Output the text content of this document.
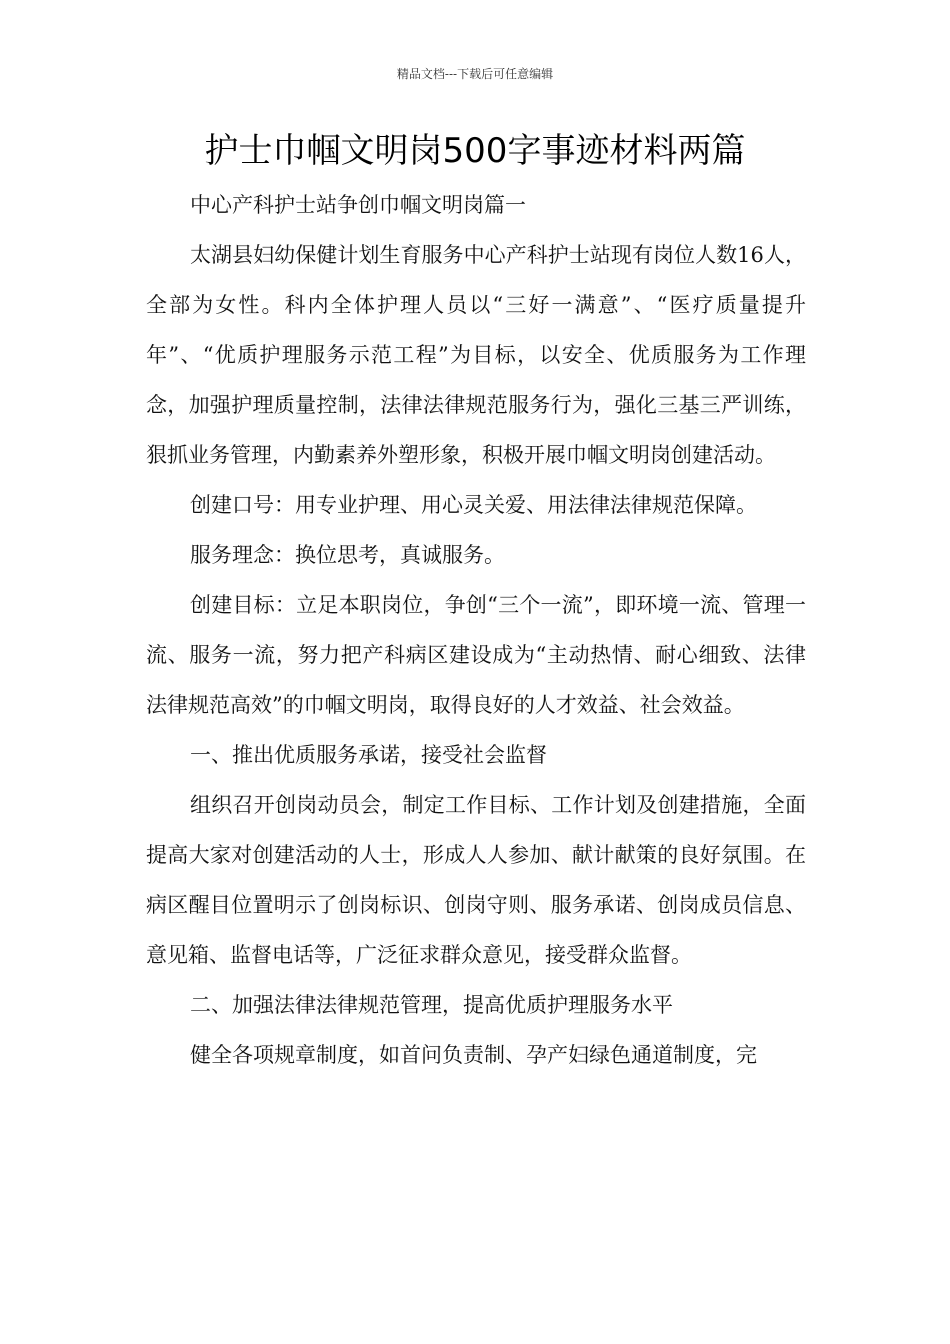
精品文档---下载后可任意编辑
护士巾帼文明岗500字事迹材料两篇

中心产科护士站争创巾帼文明岗篇一

太湖县妇幼保健计划生育服务中心产科护士站现有岗位人数16人，全部为女性。科内全体护理人员以“三好一满意”、“医疗质量提升年”、“优质护理服务示范工程”为目标，以安全、优质服务为工作理念，加强护理质量控制，法律法律规范服务行为，强化三基三严训练，狠抓业务管理，内勤素养外塑形象，积极开展巾帼文明岗创建活动。

创建口号：用专业护理、用心灵关爱、用法律法律规范保障。

服务理念：换位思考，真诚服务。

创建目标：立足本职岗位，争创“三个一流”，即环境一流、管理一流、服务一流，努力把产科病区建设成为“主动热情、耐心细致、法律法律规范高效”的巾帼文明岗，取得良好的人才效益、社会效益。

一、推出优质服务承诺，接受社会监督

组织召开创岗动员会，制定工作目标、工作计划及创建措施，全面提高大家对创建活动的人士，形成人人参加、献计献策的良好氛围。在病区醒目位置明示了创岗标识、创岗守则、服务承诺、创岗成员信息、意见箱、监督电话等，广泛征求群众意见，接受群众监督。

二、加强法律法律规范管理，提高优质护理服务水平

健全各项规章制度，如首问负责制、孕产妇绿色通道制度，完
